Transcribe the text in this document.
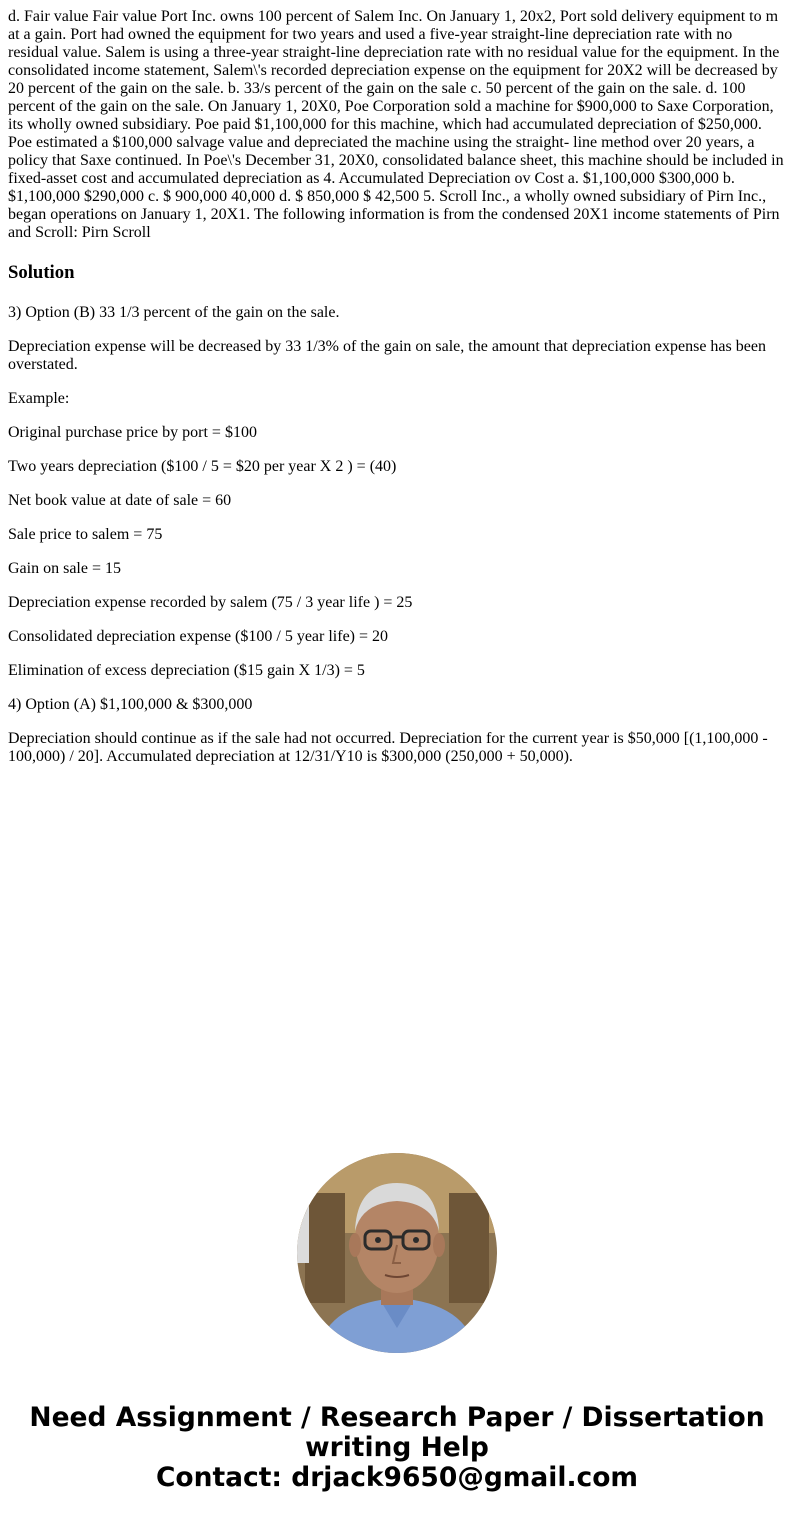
d. Fair value Fair value Port Inc. owns 100 percent of Salem Inc. On January 1, 20x2, Port sold delivery equipment to m at a gain. Port had owned the equipment for two years and used a five-year straight-line depreciation rate with no residual value. Salem is using a three-year straight-line depreciation rate with no residual value for the equipment. In the consolidated income statement, Salem\'s recorded depreciation expense on the equipment for 20X2 will be decreased by 20 percent of the gain on the sale. b. 33/s percent of the gain on the sale c. 50 percent of the gain on the sale. d. 100 percent of the gain on the sale. On January 1, 20X0, Poe Corporation sold a machine for $900,000 to Saxe Corporation, its wholly owned subsidiary. Poe paid $1,100,000 for this machine, which had accumulated depreciation of $250,000. Poe estimated a $100,000 salvage value and depreciated the machine using the straight- line method over 20 years, a policy that Saxe continued. In Poe\'s December 31, 20X0, consolidated balance sheet, this machine should be included in fixed-asset cost and accumulated depreciation as 4. Accumulated Depreciation ov Cost a. $1,100,000 $300,000 b. $1,100,000 $290,000 c. $ 900,000 40,000 d. $ 850,000 $ 42,500 5. Scroll Inc., a wholly owned subsidiary of Pirn Inc., began operations on January 1, 20X1. The following information is from the condensed 20X1 income statements of Pirn and Scroll: Pirn Scroll

Solution

3) Option (B) 33 1/3 percent of the gain on the sale.

Depreciation expense will be decreased by 33 1/3% of the gain on sale, the amount that depreciation expense has been overstated.

Example:

Original purchase price by port = $100

Two years depreciation ($100 / 5 = $20 per year X 2 ) = (40)

Net book value at date of sale = 60

Sale price to salem = 75

Gain on sale = 15

Depreciation expense recorded by salem (75 / 3 year life ) = 25

Consolidated depreciation expense ($100 / 5 year life) = 20

Elimination of excess depreciation ($15 gain X 1/3) = 5

4) Option (A) $1,100,000 & $300,000

Depreciation should continue as if the sale had not occurred. Depreciation for the current year is $50,000 [(1,100,000 - 100,000) / 20]. Accumulated depreciation at 12/31/Y10 is $300,000 (250,000 + 50,000).

Need Assignment / Research Paper / Dissertation
writing Help
Contact: drjack9650@gmail.com
